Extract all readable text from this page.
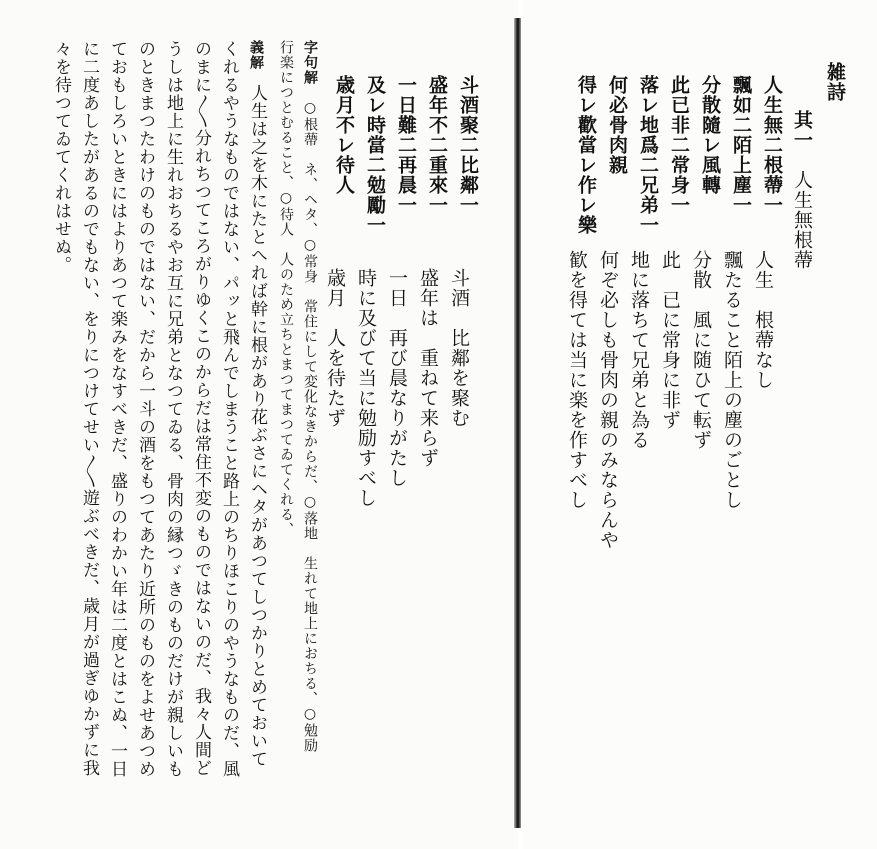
斗酒聚二比鄰一
盛年不二重來一
一日難二再晨一
及レ時當二勉勵一
歳月不レ待人
斗酒　比鄰を聚む
盛年は　重ねて来らず
一日　再び晨なりがたし
時に及びて当に勉励すべし
歳月　人を待たず
字句解
○根蔕　ネ、ヘタ、○常身　常住にして変化なきからだ、○落地　生れて地上におちる、○勉励
行楽につとむること、○待人　人のため立ちとまつてまつてゐてくれる、
義解
人生は之を木にたとへれば幹に根があり花ぶさにヘタがあつてしつかりとめておいて
くれるやうなものではない、パッと飛んでしまうこと路上のちりほこりのやうなものだ、風
のまに〳〵分れちつてころがりゆくこのからだは常住不変のものではないのだ、我々人間ど
うしは地上に生れおちるやお互に兄弟となつてゐる、骨肉の縁つゞきのものだけが親しいも
のときまつたわけのものではない、だから一斗の酒をもつてあたり近所のものをよせあつめ
ておもしろいときにはよりあつて楽みをなすべきだ、盛りのわかい年は二度とはこぬ、一日
に二度あしたがあるのでもない、をりにつけてせい〳〵遊ぶべきだ、歳月が過ぎゆかずに我
々を待つてゐてくれはせぬ。	雑詩
其一
人生無根蔕
人生無二根蔕一
飄如二陌上塵一
分散隨レ風轉
此已非二常身一
落レ地爲二兄弟一
何必骨肉親
得レ歡當レ作レ樂
人生　根蔕なし
飄たること陌上の塵のごとし
分散　風に随ひて転ず
此　已に常身に非ず
地に落ちて兄弟と為る
何ぞ必しも骨肉の親のみならんや
歓を得ては当に楽を作すべし
